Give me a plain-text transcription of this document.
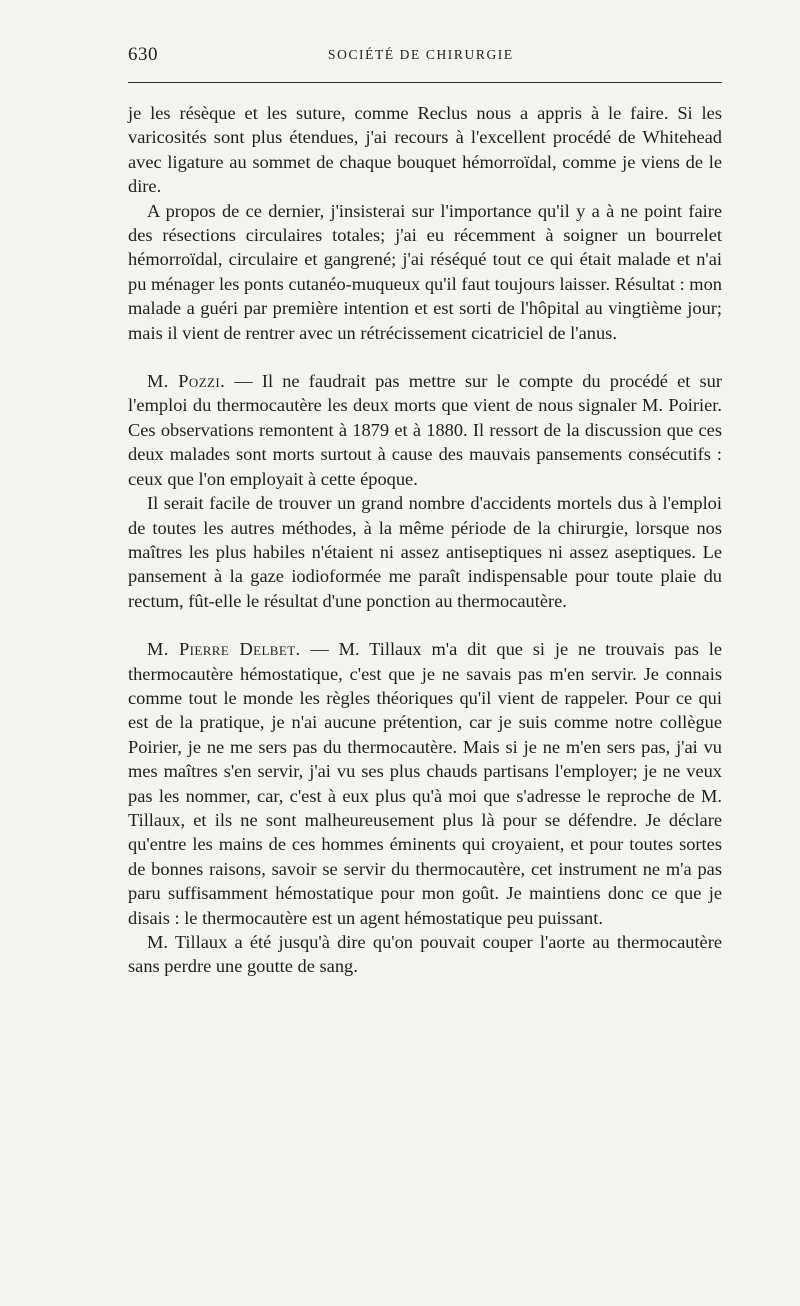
630	SOCIÉTÉ DE CHIRURGIE

je les résèque et les suture, comme Reclus nous a appris à le faire. Si les varicosités sont plus étendues, j'ai recours à l'excellent procédé de Whitehead avec ligature au sommet de chaque bouquet hémorroïdal, comme je viens de le dire.

A propos de ce dernier, j'insisterai sur l'importance qu'il y a à ne point faire des résections circulaires totales; j'ai eu récemment à soigner un bourrelet hémorroïdal, circulaire et gangrené; j'ai réséqué tout ce qui était malade et n'ai pu ménager les ponts cutanéo-muqueux qu'il faut toujours laisser. Résultat : mon malade a guéri par première intention et est sorti de l'hôpital au vingtième jour; mais il vient de rentrer avec un rétrécissement cicatriciel de l'anus.

M. Pozzi. — Il ne faudrait pas mettre sur le compte du procédé et sur l'emploi du thermocautère les deux morts que vient de nous signaler M. Poirier. Ces observations remontent à 1879 et à 1880. Il ressort de la discussion que ces deux malades sont morts surtout à cause des mauvais pansements consécutifs : ceux que l'on employait à cette époque.

Il serait facile de trouver un grand nombre d'accidents mortels dus à l'emploi de toutes les autres méthodes, à la même période de la chirurgie, lorsque nos maîtres les plus habiles n'étaient ni assez antiseptiques ni assez aseptiques. Le pansement à la gaze iodioformée me paraît indispensable pour toute plaie du rectum, fût-elle le résultat d'une ponction au thermocautère.

M. Pierre Delbet. — M. Tillaux m'a dit que si je ne trouvais pas le thermocautère hémostatique, c'est que je ne savais pas m'en servir. Je connais comme tout le monde les règles théoriques qu'il vient de rappeler. Pour ce qui est de la pratique, je n'ai aucune prétention, car je suis comme notre collègue Poirier, je ne me sers pas du thermocautère. Mais si je ne m'en sers pas, j'ai vu mes maîtres s'en servir, j'ai vu ses plus chauds partisans l'employer; je ne veux pas les nommer, car, c'est à eux plus qu'à moi que s'adresse le reproche de M. Tillaux, et ils ne sont malheureusement plus là pour se défendre. Je déclare qu'entre les mains de ces hommes éminents qui croyaient, et pour toutes sortes de bonnes raisons, savoir se servir du thermocautère, cet instrument ne m'a pas paru suffisamment hémostatique pour mon goût. Je maintiens donc ce que je disais : le thermocautère est un agent hémostatique peu puissant.

M. Tillaux a été jusqu'à dire qu'on pouvait couper l'aorte au thermocautère sans perdre une goutte de sang.
